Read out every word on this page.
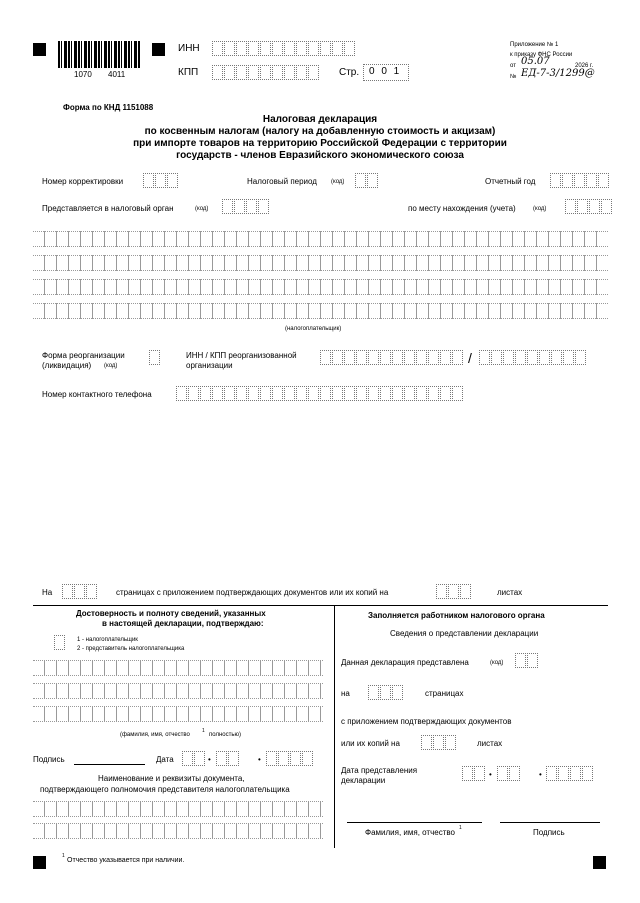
1070 4011
ИНН
КПП	Стр. 0 0 1
Приложение № 1
к приказу ФНС России
от 05.07	2026 г.
№ ЕД-7-3/1299@
Форма по КНД 1151088
Налоговая декларация
по косвенным налогам (налогу на добавленную стоимость и акцизам)
при импорте товаров на территорию Российской Федерации с территории
государств - членов Евразийского экономического союза
Номер корректировки	Налоговый период (код)	Отчетный год
Представляется в налоговый орган	(код)	по месту нахождения (учета)	(код)
(налогоплательщик)
Форма реорганизации
(ликвидация) (код)
ИНН / КПП реорганизованной
организации	/
Номер контактного телефона
На	страницах с приложением подтверждающих документов или их копий на	листах
Достоверность и полноту сведений, указанных
в настоящей декларации, подтверждаю:
1 - налогоплательщик
2 - представитель налогоплательщика
(фамилия, имя, отчество
1
полностью)
Подпись	Дата	•	•
Наименование и реквизиты документа,
подтверждающего полномочия представителя налогоплательщика
Заполняется работником налогового органа
Сведения о представлении декларации
Данная декларация представлена	(код)
на	страницах
с приложением подтверждающих документов
или их копий на	листах
Дата представления
декларации
•	•
Фамилия, имя, отчество 1	Подпись
1
Отчество указывается при наличии.
